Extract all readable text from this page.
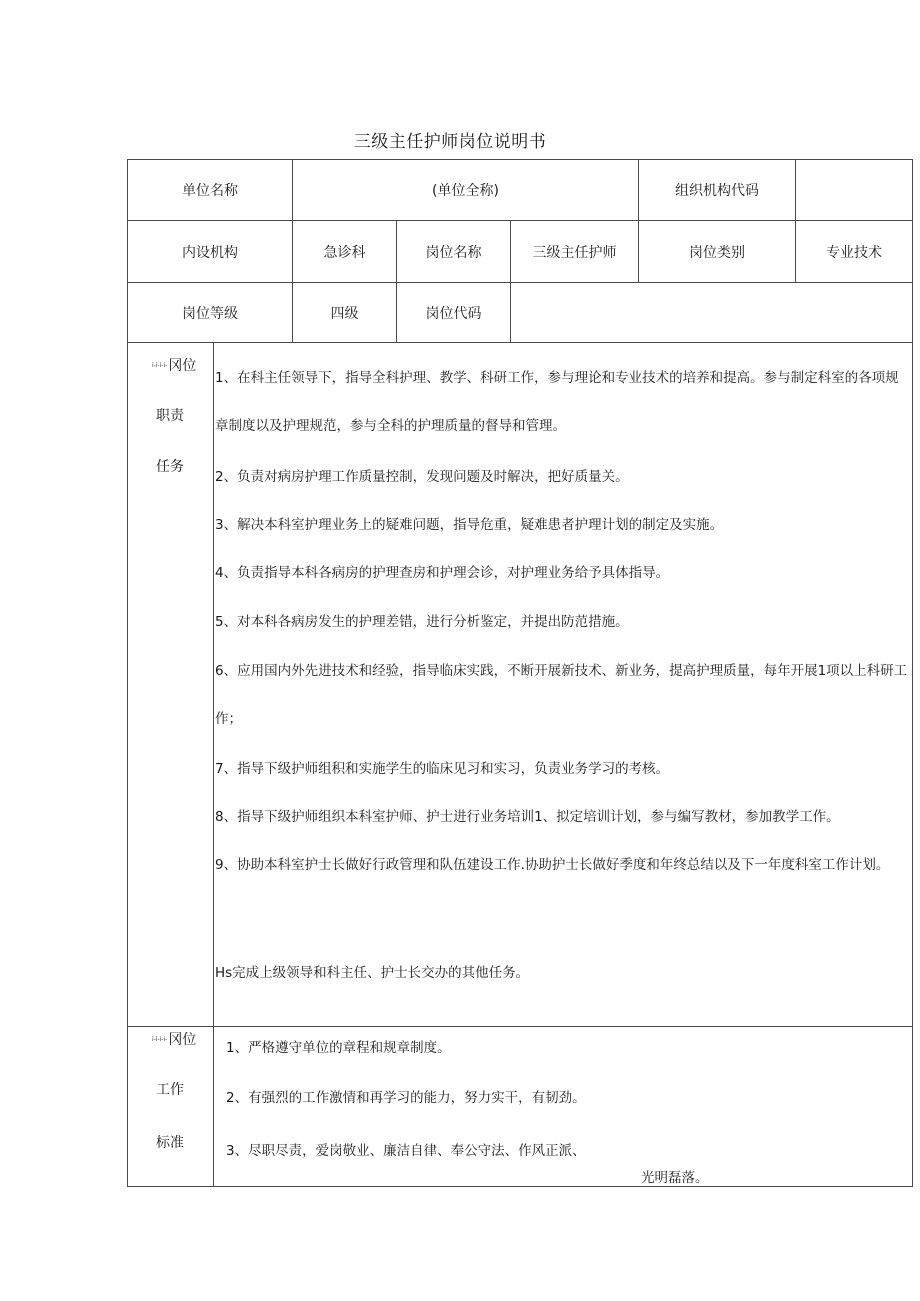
三级主任护师岗位说明书
单位名称	(单位全称)	组织机构代码
内设机构	急诊科	岗位名称	三级主任护师	岗位类别	专业技术
岗位等级	四级	岗位代码
$^{i-i-i-i-}$冈位
职责
任务
1、在科主任领导下，指导全科护理、教学、科研工作，参与理论和专业技术的培养和提高。参与制定科室的各项规章制度以及护理规范，参与全科的护理质量的督导和管理。
2、负责对病房护理工作质量控制，发现问题及时解决，把好质量关。
3、解决本科室护理业务上的疑难问题，指导危重，疑难患者护理计划的制定及实施。
4、负责指导本科各病房的护理查房和护理会诊，对护理业务给予具体指导。
5、对本科各病房发生的护理差错，进行分析鉴定，并提出防范措施。
6、应用国内外先进技术和经验，指导临床实践，不断开展新技术、新业务，提高护理质量，每年开展1项以上科研工作；
7、指导下级护师组积和实施学生的临床见习和实习，负责业务学习的考核。
8、指导下级护师组织本科室护师、护士进行业务培训1、拟定培训计划，参与编写教材，参加教学工作。
9、协助本科室护士长做好行政管理和队伍建设工作.协助护士长做好季度和年终总结以及下一年度科室工作计划。
Hs完成上级领导和科主任、护士长交办的其他任务。
$^{i-i-i-i-}$冈位
工作
标准
1、严格遵守单位的章程和规章制度。
2、有强烈的工作激情和再学习的能力，努力实干，有韧劲。
3、尽职尽责，爱岗敬业、廉洁自律、奉公守法、作风正派、
光明磊落。
